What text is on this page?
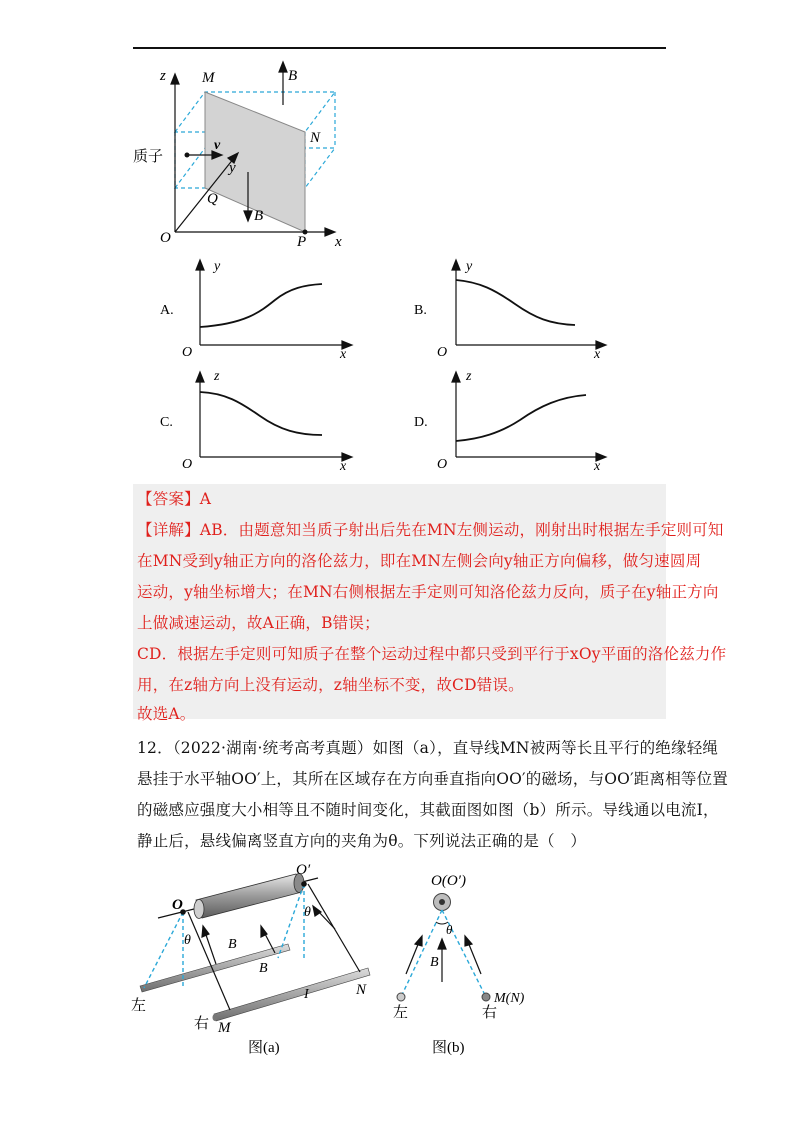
z
x
y
O
M
N
P
Q
B
B
v
质子
A.
y
O	x
B.
y
O	x
C.
z
O	x
D.
z
O	x
【答案】A
【详解】AB．由题意知当质子射出后先在MN左侧运动，刚射出时根据左手定则可知
在MN受到y轴正方向的洛伦兹力，即在MN左侧会向y轴正方向偏移，做匀速圆周
运动，y轴坐标增大；在MN右侧根据左手定则可知洛伦兹力反向，质子在y轴正方向
上做减速运动，故A正确，B错误；
CD．根据左手定则可知质子在整个运动过程中都只受到平行于xOy平面的洛伦兹力作
用，在z轴方向上没有运动，z轴坐标不变，故CD错误。
故选A。
12．（2022·湖南·统考高考真题）如图（a），直导线MN被两等长且平行的绝缘轻绳
悬挂于水平轴OO′上，其所在区域存在方向垂直指向OO′的磁场，与OO′距离相等位置
的磁感应强度大小相等且不随时间变化，其截面图如图（b）所示。导线通以电流I，
静止后，悬线偏离竖直方向的夹角为θ。下列说法正确的是（　）
O
O′
θ
θ
B
B
左
右 M
N
I
图(a)
O(O′)
θ
B
左	右
M(N)
图(b)
